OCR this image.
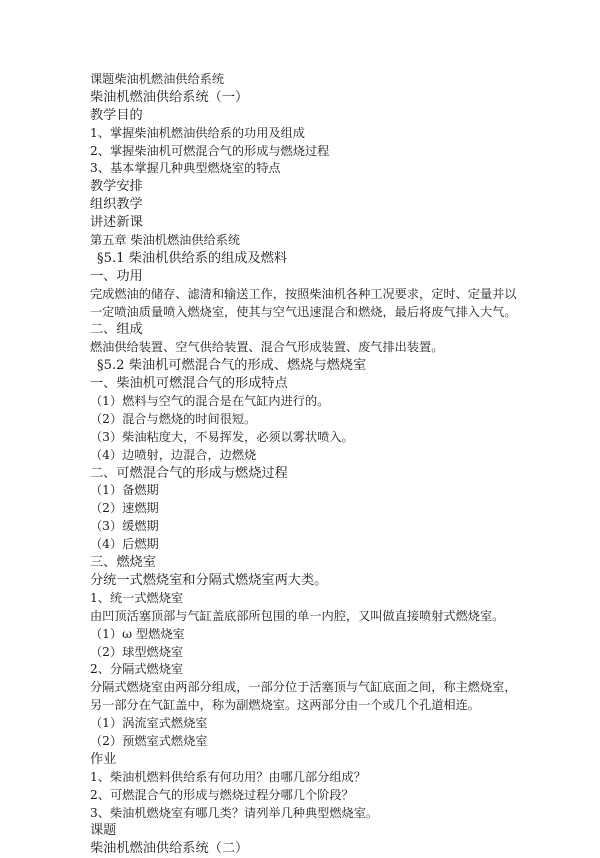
课题柴油机燃油供给系统
柴油机燃油供给系统（一）
教学目的
1、掌握柴油机燃油供给系的功用及组成
2、掌握柴油机可燃混合气的形成与燃烧过程
3、基本掌握几种典型燃烧室的特点
教学安排
组织教学
讲述新课
第五章 柴油机燃油供给系统
§5.1 柴油机供给系的组成及燃料
一、功用
完成燃油的储存、滤清和输送工作，按照柴油机各种工况要求，定时、定量并以
一定喷油质量喷入燃烧室，使其与空气迅速混合和燃烧，最后将废气排入大气。
二、组成
燃油供给装置、空气供给装置、混合气形成装置、废气排出装置。
§5.2 柴油机可燃混合气的形成、燃烧与燃烧室
一、柴油机可燃混合气的形成特点
（1）燃料与空气的混合是在气缸内进行的。
（2）混合与燃烧的时间很短。
（3）柴油粘度大，不易挥发，必须以雾状喷入。
（4）边喷射，边混合，边燃烧
二、可燃混合气的形成与燃烧过程
（1）备燃期
（2）速燃期
（3）缓燃期
（4）后燃期
三、燃烧室
分统一式燃烧室和分隔式燃烧室两大类。
1、统一式燃烧室
由凹顶活塞顶部与气缸盖底部所包围的单一内腔，又叫做直接喷射式燃烧室。
（1）ω 型燃烧室
（2）球型燃烧室
2、分隔式燃烧室
分隔式燃烧室由两部分组成，一部分位于活塞顶与气缸底面之间，称主燃烧室，
另一部分在气缸盖中，称为副燃烧室。这两部分由一个或几个孔道相连。
（1）涡流室式燃烧室
（2）预燃室式燃烧室
作业
1、柴油机燃料供给系有何功用？由哪几部分组成？
2、可燃混合气的形成与燃烧过程分哪几个阶段？
3、柴油机燃烧室有哪几类？请列举几种典型燃烧室。
课题
柴油机燃油供给系统（二）
